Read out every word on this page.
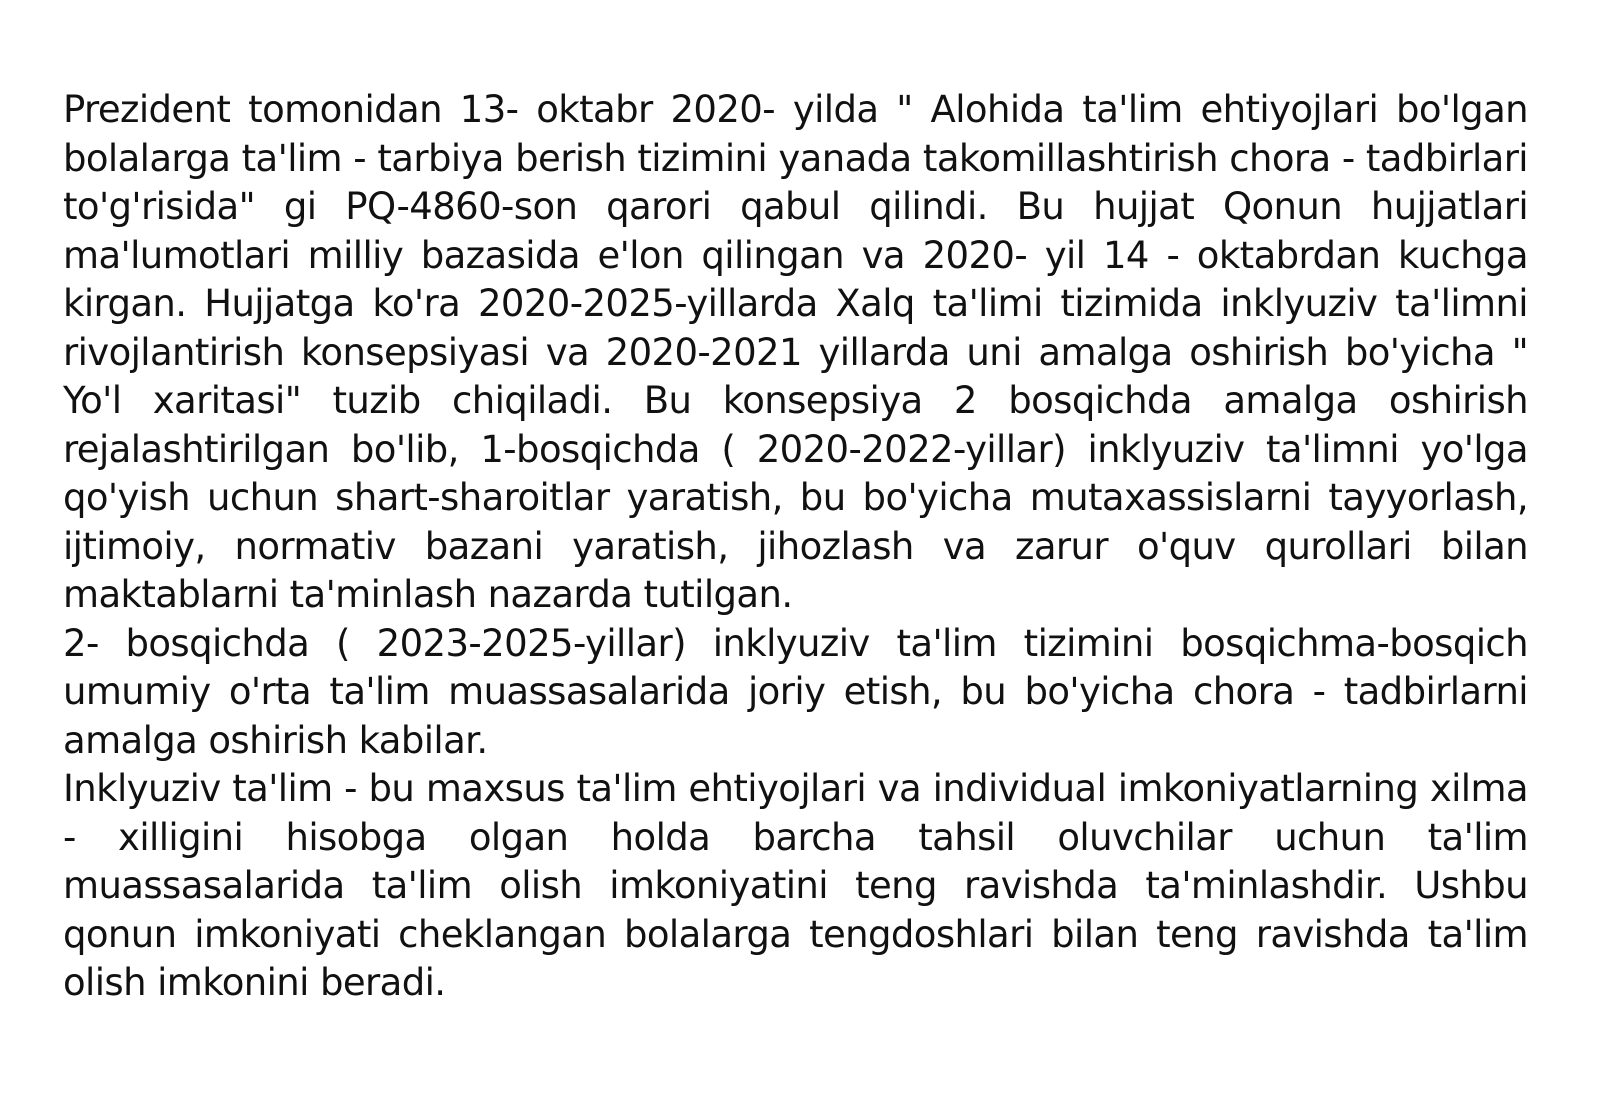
Prezident tomonidan 13- oktabr 2020- yilda " Alohida ta'lim ehtiyojlari bo'lgan bolalarga ta'lim - tarbiya berish tizimini yanada takomillashtirish chora - tadbirlari to'g'risida" gi PQ-4860-son qarori qabul qilindi. Bu hujjat Qonun hujjatlari ma'lumotlari milliy bazasida e'lon qilingan va 2020- yil 14 - oktabrdan kuchga kirgan. Hujjatga ko'ra 2020-2025-yillarda Xalq ta'limi tizimida inklyuziv ta'limni rivojlantirish konsepsiyasi va 2020-2021 yillarda uni amalga oshirish bo'yicha " Yo'l xaritasi" tuzib chiqiladi. Bu konsepsiya 2 bosqichda amalga oshirish rejalashtirilgan bo'lib, 1-bosqichda ( 2020-2022-yillar) inklyuziv ta'limni yo'lga qo'yish uchun shart-sharoitlar yaratish, bu bo'yicha mutaxassislarni tayyorlash, ijtimoiy, normativ bazani yaratish, jihozlash va zarur o'quv qurollari bilan maktablarni ta'minlash nazarda tutilgan.

2- bosqichda ( 2023-2025-yillar) inklyuziv ta'lim tizimini bosqichma-bosqich umumiy o'rta ta'lim muassasalarida joriy etish, bu bo'yicha chora - tadbirlarni amalga oshirish kabilar.

Inklyuziv ta'lim - bu maxsus ta'lim ehtiyojlari va individual imkoniyatlarning xilma - xilligini hisobga olgan holda barcha tahsil oluvchilar uchun ta'lim muassasalarida ta'lim olish imkoniyatini teng ravishda ta'minlashdir. Ushbu qonun imkoniyati cheklangan bolalarga tengdoshlari bilan teng ravishda ta'lim olish imkonini beradi.
